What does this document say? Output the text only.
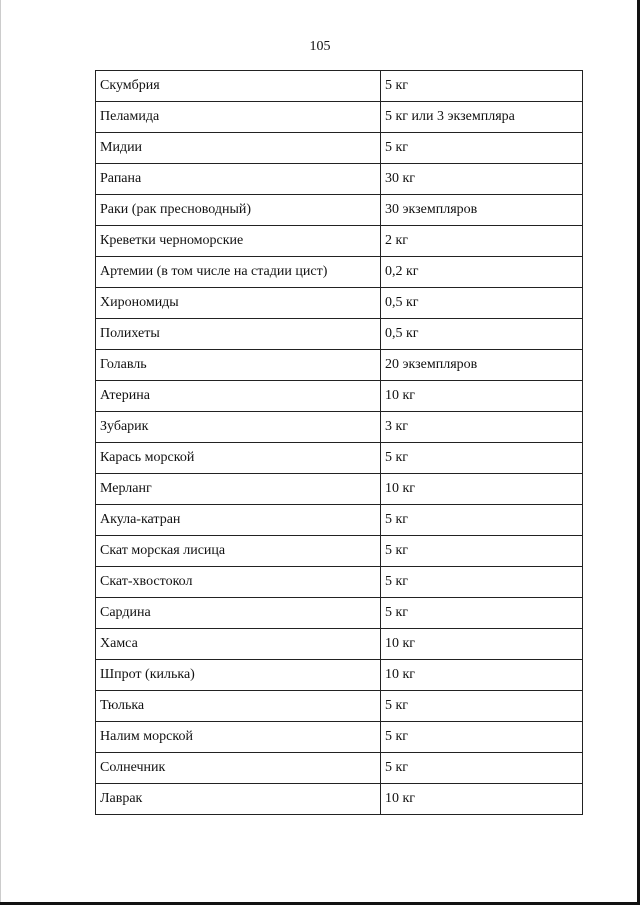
105
Скумбрия	5 кг
Пеламида	5 кг или 3 экземпляра
Мидии	5 кг
Рапана	30 кг
Раки (рак пресноводный)	30 экземпляров
Креветки черноморские	2 кг
Артемии (в том числе на стадии цист)	0,2 кг
Хирономиды	0,5 кг
Полихеты	0,5 кг
Голавль	20 экземпляров
Атерина	10 кг
Зубарик	3 кг
Карась морской	5 кг
Мерланг	10 кг
Акула-катран	5 кг
Скат морская лисица	5 кг
Скат-хвостокол	5 кг
Сардина	5 кг
Хамса	10 кг
Шпрот (килька)	10 кг
Тюлька	5 кг
Налим морской	5 кг
Солнечник	5 кг
Лаврак	10 кг
